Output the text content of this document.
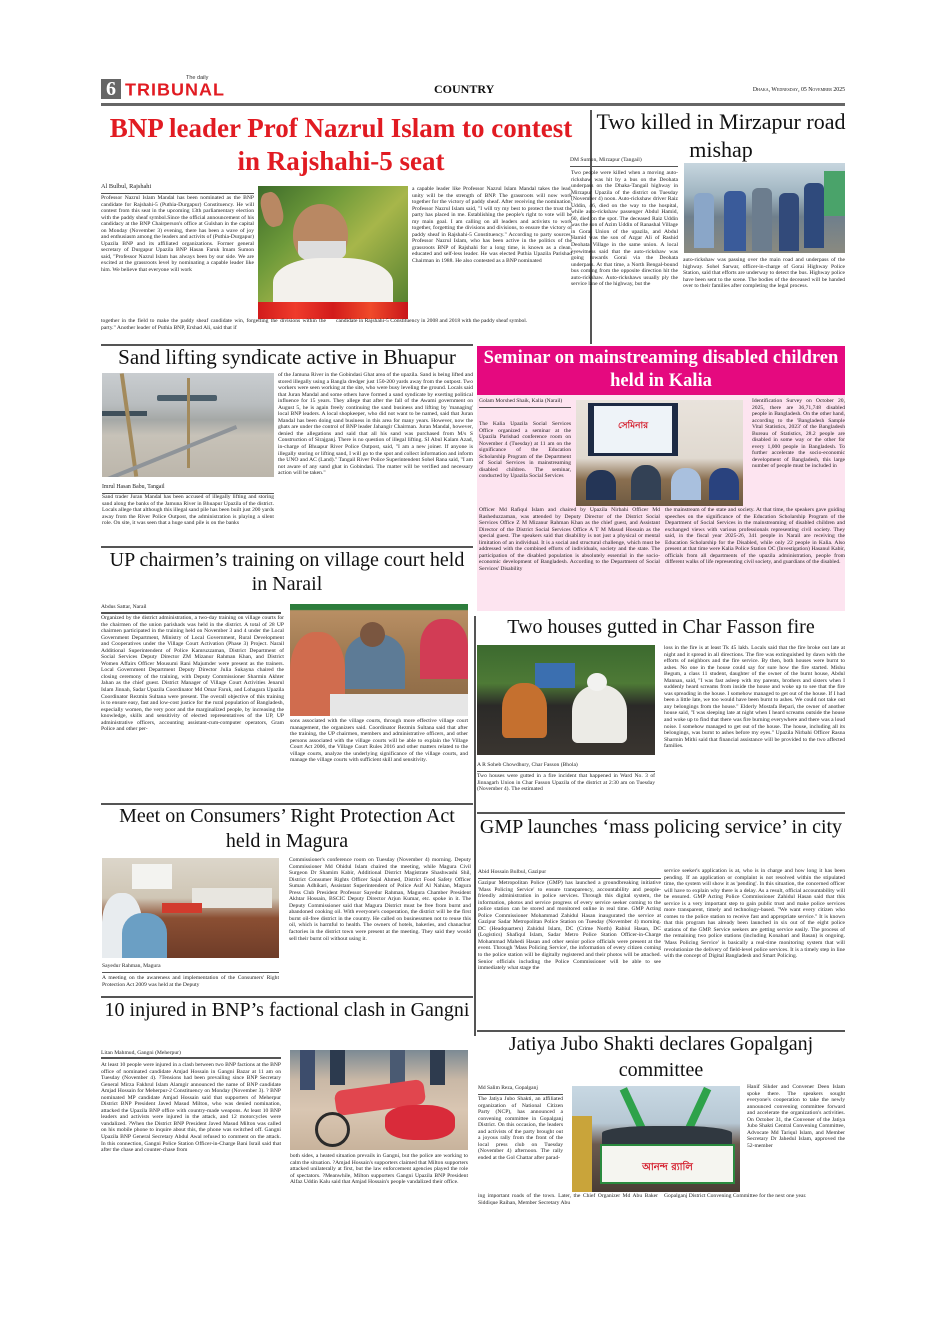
6	The daily
TRIBUNAL	COUNTRY	Dhaka, Wednesday, 05 November 2025
BNP leader Prof Nazrul Islam to contest in Rajshahi-5 seat
Al Bulbul, Rajshahi
Professor Nazrul Islam Mandal has been nominated as the BNP candidate for Rajshahi-5 (Puthia-Durgapur) Constituency. He will contest from this seat in the upcoming 13th parliamentary election with the paddy sheaf symbol.Since the official announcement of his candidacy at the BNP Chairperson's office at Gulshan in the capital on Monday (November 3) evening, there has been a wave of joy and enthusiasm among the leaders and activits of (Puthia-Durgapur) Upazila BNP and its affiliated organizations. Former general secretary of Durgapur Upazila BNP Hasan Faruk Imam Sumon said, "Professor Nazrul Islam has always been by our side. We are excited at the grassroots level by nominating a capable leader like him. We believe that everyone will work
a capable leader like Professor Nazrul Islam Mandal takes the lead, unity will be the strength of BNP. The grassroots will now work together for the victory of paddy sheaf. After receiving the nomination, Professor Nazrul Islam said, "I will try my best to protect the trust the party has placed in me. Establishing the people's right to vote will be my main goal. I am calling on all leaders and activists to work together, forgetting the divisions and divisions, to ensure the victory of paddy sheaf in Rajshahi-5 Constituency." According to party sources, Professor Nazrul Islam, who has been active in the politics of the grassroots BNP of Rajshahi for a long time, is known as a clean, educated and self-less leader. He was elected Puthia Upazila Parishad Chairman in 1988. He also contested as a BNP nominated
together in the field to make the paddy sheaf candidate win, forgetting the divisions within the party." Another leader of Puthia BNP, Ershad Ali, said that if
candidate in Rajshahi-5 Constituency in 2008 and 2018 with the paddy sheaf symbol.
Two killed in Mirzapur road mishap
DM Sumon, Mirzapur (Tangail)
Two people were killed when a moving auto-rickshaw was hit by a bus on the Deohata underpass on the Dhaka-Tangail highway in Mirzapur Upazila of the district on Tuesday (November 4) noon. Auto-rickshaw driver Raiz Uddin, 46, died on the way to the hospital, while auto-rickshaw passenger Abdul Hamid, 60, died on the spot. The deceased Raiz Uddin was the son of Azim Uddin of Ranashal Village in Gorai Union of the upazila, and Abdul Hamid was the son of Azgar Ali of Rashid Deohata Village in the same union. A local eyewitness said that the auto-rickshaw was going towards Gorai via the Deohata underpass. At that time, a North Bengal-bound bus coming from the opposite direction hit the auto-rickshaw. Auto-rickshaws usually ply the service lane of the highway, but the
auto-rickshaw was passing over the main road and underpass of the highway. Sohel Sarwar, officer-in-charge of Gorai Highway Police Station, said that efforts are underway to detect the bus. Highway police have been sent to the scene. The bodies of the deceased will be handed over to their families after completing the legal process.
Sand lifting syndicate active in Bhuapur
Imrul Hasan Babu, Tangail
Sand trader Juran Mandal has been accused of illegally lifting and storing sand along the banks of the Jamuna River in Bhuapur Upazila of the district. Locals allege that although this illegal sand pile has been built just 200 yards away from the River Police Outpost, the administration is playing a silent role. On site, it was seen that a huge sand pile is on the banks
of the Jamuna River in the Gobindasi Ghat area of the upazila. Sand is being lifted and stored illegally using a Bangla dredger just 150-200 yards away from the outpost. Two workers were seen working at the site, who were busy leveling the ground. Locals said that Juran Mandal and some others have formed a sand syndicate by exerting political influence for 15 years. They allege that after the fall of the Awami government on August 5, he is again freely continuing the sand business and lifting by 'managing' local BNP leaders. A local shopkeeper, who did not want to be named, said that Juran Mandal has been doing sand business in this area for many years. However, now the ghats are under the control of BNP leader Jahangir Chairman. Juran Mandal, however, denied the allegations and said that all his sand was purchased from M/s S Construction of Sirajganj. There is no question of illegal lifting. SI Abul Kalam Azad, in-charge of Bhuapur River Police Outpost, said, "I am a new joiner. If anyone is illegally storing or lifting sand, I will go to the spot and collect information and inform the UNO and AC (Land)." Tangail River Police Superintendent Sohel Rana said, "I am not aware of any sand ghat in Gobindasi. The matter will be verified and necessary action will be taken."
Seminar on mainstreaming disabled children held in Kalia
Golam Morshed Shaik, Kalia (Narail)
The Kalia Upazila Social Services Office organized a seminar at the Upazila Parishad conference room on November 4 (Tuesday) at 11 am on the significance of the Education Scholarship Program of the Department of Social Services in mainstreaming disabled children. The seminar, conducted by Upazila Social Services
সেমিনার
Identification Survey on October 20, 2025, there are 36,71,748 disabled people in Bangladesh. On the other hand, according to the 'Bangladesh Sample Vital Statistics, 2023' of the Bangladesh Bureau of Statistics, 28.2 people are disabled in some way or the other for every 1,000 people in Bangladesh. To further accelerate the socio-economic development of Bangladesh, this large number of people must be included in
Officer Md Rafiqul Islam and chaired by Upazila Nirbahi Officer Md Rasheduzzaman, was attended by Deputy Director of the District Social Services Office Z M Mizanur Rahman Khan as the chief guest, and Assistant Director of the District Social Services Office A T M Masud Hossain as the special guest. The speakers said that disability is not just a physical or mental limitation of an individual. It is a social and structural challenge, which must be addressed with the combined efforts of individuals, society and the state. The participation of the disabled population is absolutely essential in the socio-economic development of Bangladesh. According to the Department of Social Services' Disability
the mainstream of the state and society. At that time, the speakers gave guiding speeches on the significance of the Education Scholarship Program of the Department of Social Services in the mainstreaming of disabled children and exchanged views with various professionals representing civil society. They said, in the fiscal year 2025-26, 341 people in Narail are receiving the Education Scholarship for the Disabled, while only 22 people in Kalia. Also present at that time were Kalia Police Station OC (Investigation) Hasanul Kabir, officials from all departments of the upazila administration, people from different walks of life representing civil society, and guardians of the disabled.
UP chairmen’s training on village court held in Narail
Abdus Sattar, Narail
Organized by the district administration, a two-day training on village courts for the chairmen of the union parishads was held in the district. A total of 28 UP chairmen participated in the training held on November 3 and 4 under the Local Government Department, Ministry of Local Government, Rural Development and Cooperatives under the Village Court Activation (Phase 3) Project. Narail Additional Superintendent of Police Kamruzzaman, District Department of Social Services Deputy Director ZM Mizanur Rahman Khan, and District Women Affairs Officer Mousumi Rani Majumder were present as the trainers. Local Government Department Deputy Director Julia Sukayna chaired the closing ceremony of the training, with Deputy Commissioner Sharmin Akhter Jahan as the chief guest. District Manager of Village Court Activities Jenarul Islam Jinnah, Sadar Upazila Coordinator Md Omar Faruk, and Lohagara Upazila Coordinator Rezmin Sultana were present. The overall objective of this training is to ensure easy, fast and low-cost justice for the rural population of Bangladesh, especially women, the very poor and the marginalized people, by increasing the knowledge, skills and sensitivity of elected representatives of the UP, UP administrative officers, accounting assistant-cum-computer operators, Gram Police and other per-
sons associated with the village courts, through more effective village court management, the organizers said. Coordinator Rezmin Sultana said that after the training, the UP chairmen, members and administrative officers, and other persons associated with the village courts will be able to explain the Village Court Act 2006, the Village Court Rules 2016 and other matters related to the village courts, analyze the underlying significance of the village courts, and manage the village courts with sufficient skill and sensitivity.
Two houses gutted in Char Fasson fire
A R Soheb Chowdhury, Char Fasson (Bhola)
Two houses were gutted in a fire incident that happened in Ward No. 3 of Jinnagarh Union in Char Fasson Upazila of the district at 2:30 am on Tuesday (November 4). The estimated
loss in the fire is at least Tk 45 lakh. Locals said that the fire broke out late at night and it spread in all directions. The fire was extinguished by dawn with the efforts of neighbors and the fire service. By then, both houses were burnt to ashes. No one in the house could say for sure how the fire started. Mishu Begum, a class 11 student, daughter of the owner of the burnt house, Abdul Mannan, said, "I was fast asleep with my parents, brothers and sisters when I suddenly heard screams from inside the house and woke up to see that the fire was spreading in the house. I somehow managed to get out of the house. If I had been a little late, we too would have been burnt to ashes. We could not take out any belongings from the house." Elderly Mostafa Bepari, the owner of another house said, "I was sleeping late at night when I heard screams outside the house and woke up to find that there was fire burning everywhere and there was a loud noise. I somehow managed to get out of the house. The house, including all its belongings, was burnt to ashes before my eyes." Upazila Nirbahi Officer Rasna Sharmin Mithi said that financial assistance will be provided to the two affected families.
Meet on Consumers’ Right Protection Act held in Magura
Sayedur Rahman, Magura
A meeting on the awareness and implementation of the Consumers' Right Protection Act 2009 was held at the Deputy
Commissioner's conference room on Tuesday (November 4) morning. Deputy Commissioner Md Ohidul Islam chaired the meeting, while Magura Civil Surgeon Dr Shamim Kabir, Additional District Magistrate Shashwashi Shil, District Consumer Rights Officer Sajal Ahmed, District Food Safety Officer Suman Adhikari, Assistant Superintendent of Police Asif Al Nahian, Magura Press Club President Professor Sayedur Rahman, Magura Chamber President Akhtar Hossain, BSCIC Deputy Director Arjun Kumar, etc. spoke in it. The Deputy Commissioner said that Magura District must be free from burnt and abandoned cooking oil. With everyone's cooperation, the district will be the first burnt oil-free district in the country. He called on businessmen not to reuse this oil, which is harmful to health. The owners of hotels, bakeries, and chanachur factories in the district town were present at the meeting. They said they would sell their burnt oil without using it.
GMP launches ‘mass policing service’ in city
Abid Hossain Bulbul, Gazipur
Gazipur Metropolitan Police (GMP) has launched a groundbreaking initiative 'Mass Policing Service' to ensure transparency, accountability and people-friendly administration in police services. Through this digital system, the information, photos and service progress of every service seeker coming to the police station can be stored and monitored online in real time. GMP Acting Police Commissioner Mohammad Zahidul Hasan inaugurated the service at Gazipur Sadar Metropolitan Police Station on Tuesday (November 4) morning. DC (Headquarters) Zahidul Islam, DC (Crime North) Rabiul Hasan, DC (Logistics) Shafiqul Islam, Sadar Metro Police Station Officer-in-Charge Mohammad Mahedi Hasan and other senior police officials were present at the event. Through 'Mass Policing Service', the information of every citizen coming to the police station will be digitally registered and their photos will be attached. Senior officials including the Police Commissioner will be able to see immediately what stage the
service seeker's application is at, who is in charge and how long it has been pending. If an application or complaint is not resolved within the stipulated time, the system will show it as 'pending'. In this situation, the concerned officer will have to explain why there is a delay. As a result, official accountability will be ensured. GMP Acting Police Commissioner Zahidul Hasan said that this service is a very important step to gain public trust and make police services more transparent, timely and technology-based. "We want every citizen who comes to the police station to receive fast and appropriate service." It is known that this program has already been launched in six out of the eight police stations of the GMP. Service seekers are getting service easily. The process of the remaining two police stations (including Konabari and Basan) is ongoing. 'Mass Policing Service' is basically a real-time monitoring system that will revolutionize the delivery of field-level police services. It is a timely step in line with the concept of Digital Bangladesh and Smart Policing.
10 injured in BNP’s factional clash in Gangni
Litan Mahmud, Gangni (Meherpur)
At least 10 people were injured in a clash between two BNP factions at the BNP office of nominated candidate Amjad Hossain in Gangni Bazar at 11 am on Tuesday (November 4). ?Tensions had been prevailing since BNP Secretary General Mirza Fakhrul Islam Alamgir announced the name of BNP candidate Amjad Hossain for Meherpur-2 Constituency on Monday (November 3). ? BNP nominated MP candidate Amjad Hossain said that supporters of Meherpur District BNP President Javed Masud Milton, who was denied nomination, attacked the Upazila BNP office with country-made weapons. At least 10 BNP leaders and activists were injured in the attack, and 12 motorcycles were vandalized. ?When the District BNP President Javed Masud Milton was called on his mobile phone to inquire about this, the phone was switched off. Gangni Upazila BNP General Secretary Abdul Awal refused to comment on the attack. In this connection, Gangni Police Station Officer-in-Charge Bani Israil said that after the chase and counter-chase from
both sides, a heated situation prevails in Gangni, but the police are working to calm the situation. ?Amjad Hossain's supporters claimed that Milton supporters attacked unilaterally at first, but the law enforcement agencies played the role of spectators. ?Meanwhile, Milton supporters Gangni Upazila BNP President Alfaz Uddin Kalu said that Amjad Hossain's people vandalized their office.
Jatiya Jubo Shakti declares Gopalganj committee
Md Salim Reza, Gopalganj
The Jatiya Jubo Shakti, an affiliated organization of National Citizen Party (NCP), has announced a convening committee in Gopalganj District. On this occasion, the leaders and activists of the party brought out a joyous rally from the front of the local press club on Tuesday (November 4) afternoon. The rally ended at the Gol Chattar after parad-
আনন্দ র‍্যালি
Hanif Sikder and Convener Deen Islam spoke there. The speakers sought everyone's cooperation to take the newly announced convening committee forward and accelerate the organization's activities. On October 31, the Convener of the Jatiya Jubo Shakti Central Convening Committee, Advocate Md Tariqul Islam, and Member Secretary Dr Jahedul Islam, approved the 52-member
ing important roads of the town. Later, the Chief Organizer Md Abu Baker Siddique Raihan, Member Secretary Abu
Gopalganj District Convening Committee for the next one year.
